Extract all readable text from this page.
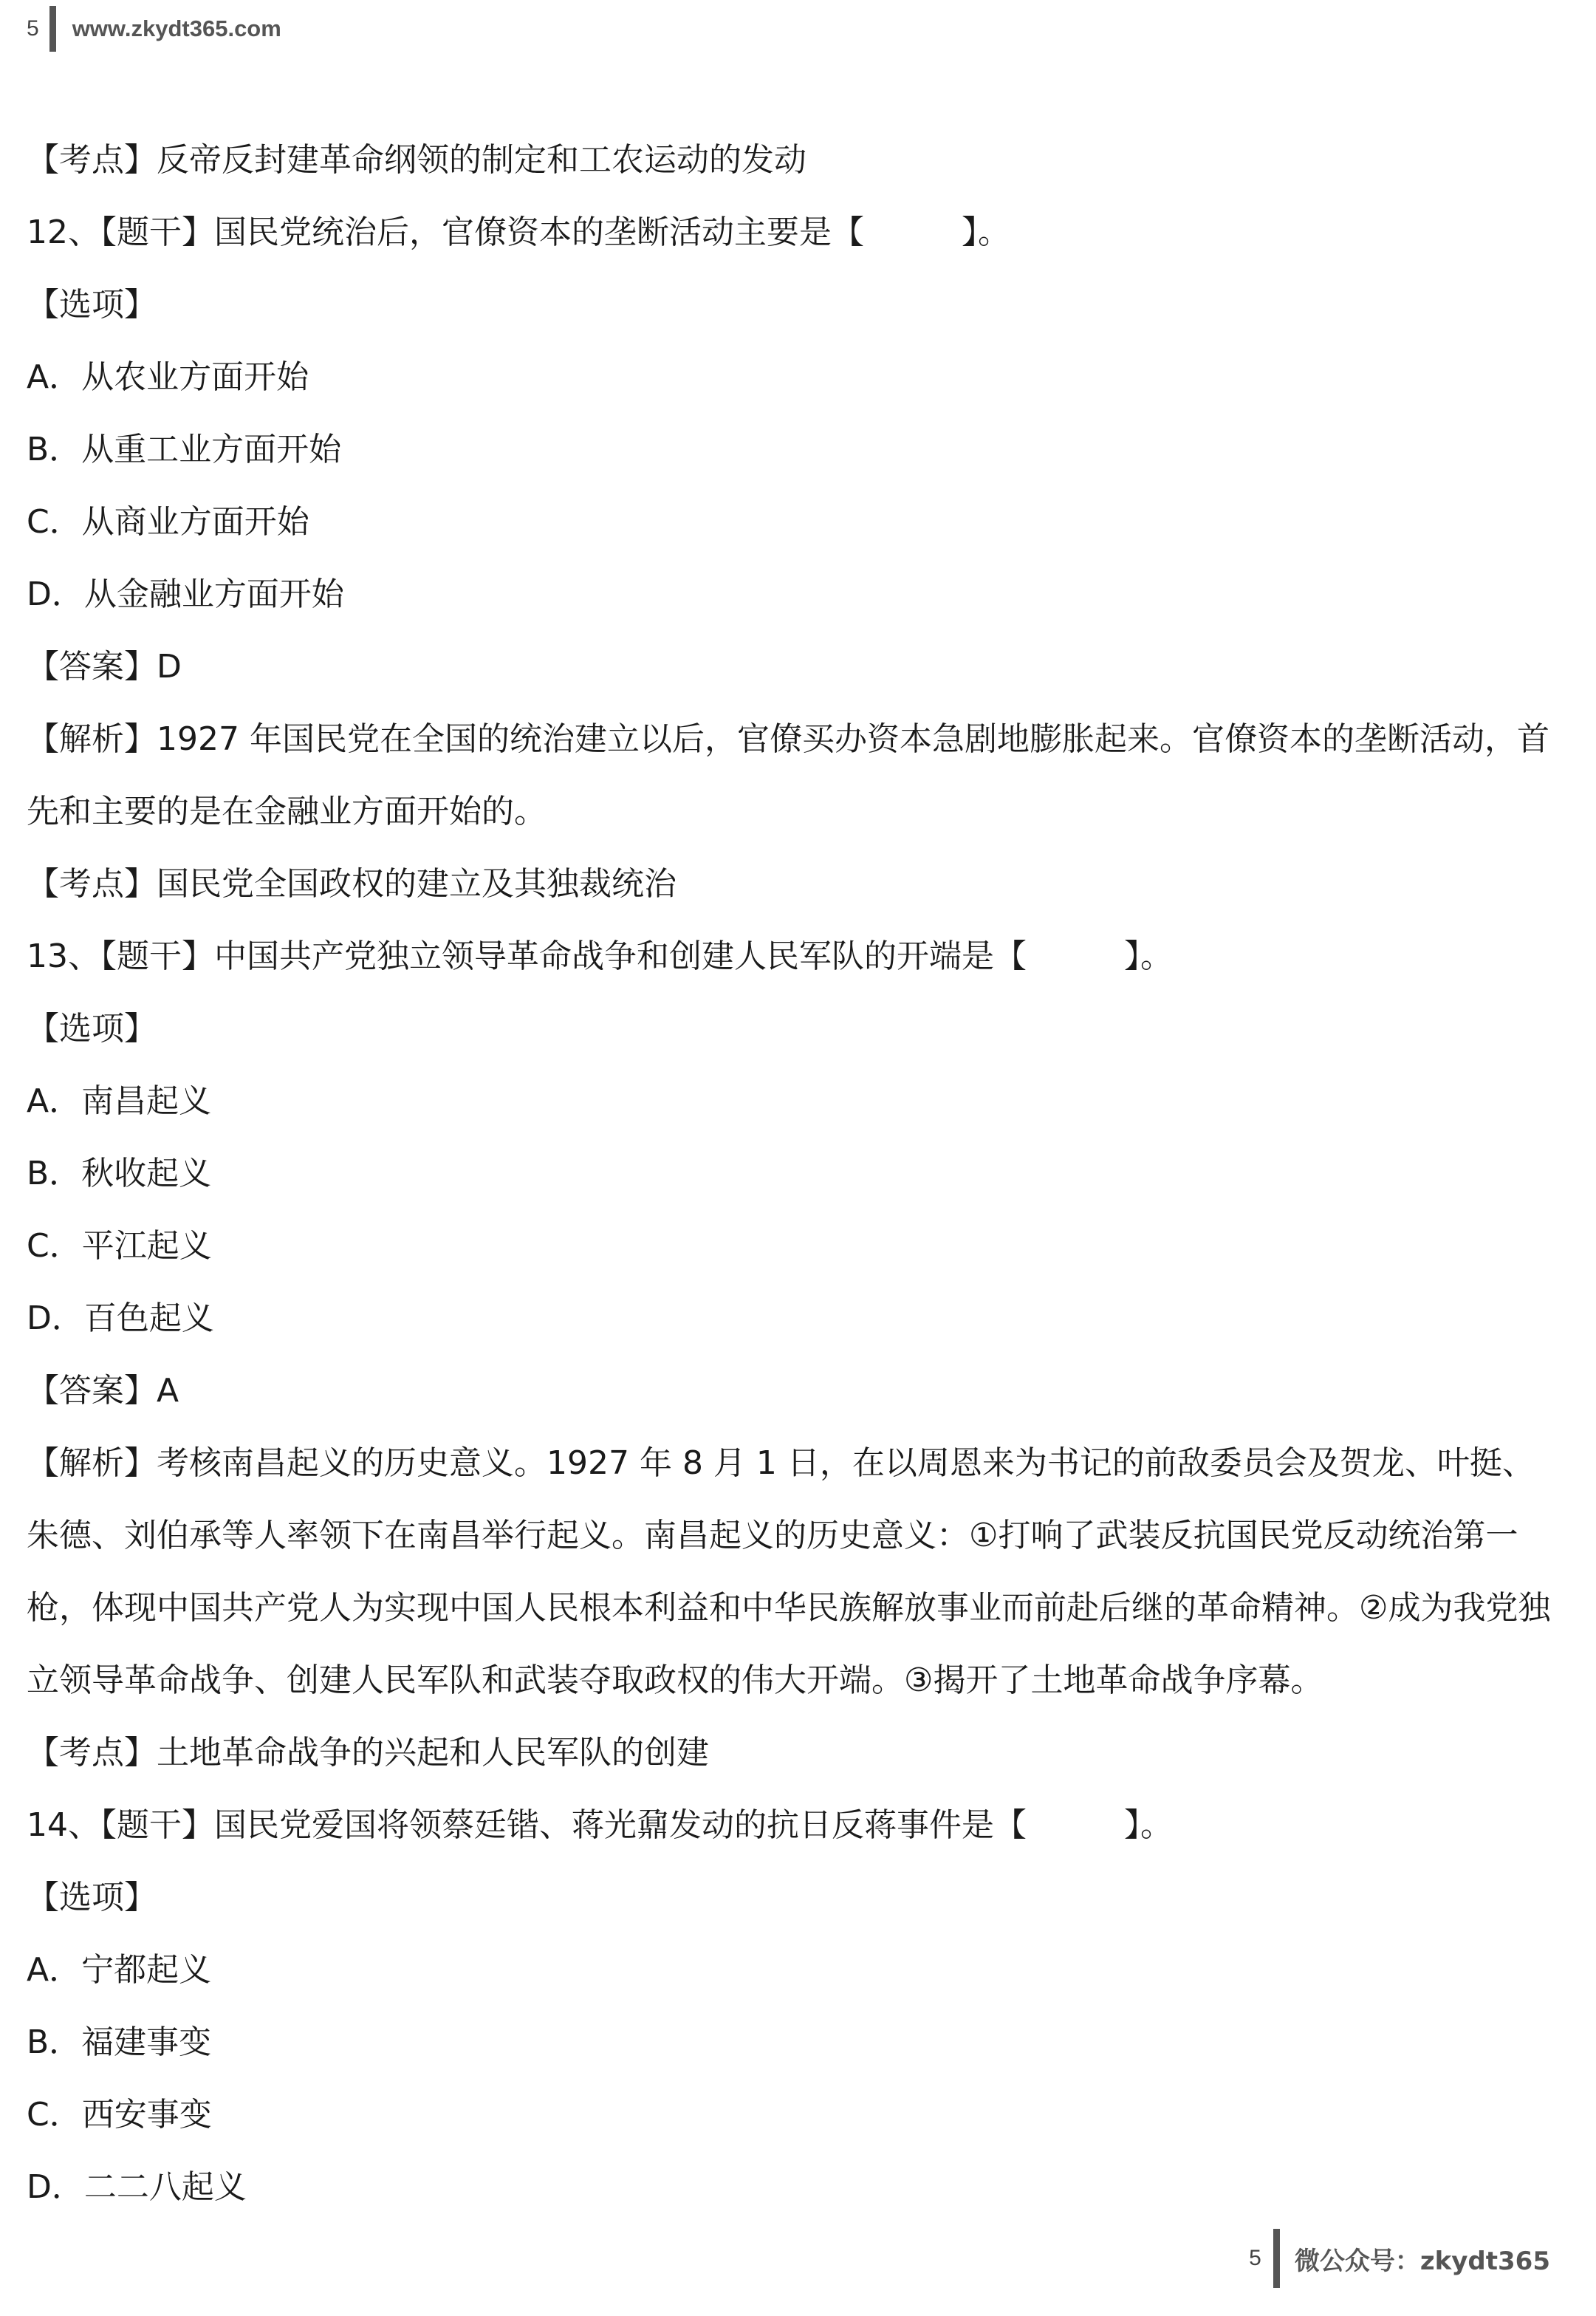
5 www.zkydt365.com
【考点】反帝反封建革命纲领的制定和工农运动的发动
12、【题干】国民党统治后，官僚资本的垄断活动主要是【　　　】。
【选项】
A．从农业方面开始
B．从重工业方面开始
C．从商业方面开始
D．从金融业方面开始
【答案】D
【解析】1927 年国民党在全国的统治建立以后，官僚买办资本急剧地膨胀起来。官僚资本的垄断活动，首先和主要的是在金融业方面开始的。
【考点】国民党全国政权的建立及其独裁统治
13、【题干】中国共产党独立领导革命战争和创建人民军队的开端是【　　　】。
【选项】
A．南昌起义
B．秋收起义
C．平江起义
D．百色起义
【答案】A
【解析】考核南昌起义的历史意义。1927 年 8 月 1 日，在以周恩来为书记的前敌委员会及贺龙、叶挺、朱德、刘伯承等人率领下在南昌举行起义。南昌起义的历史意义：①打响了武装反抗国民党反动统治第一枪，体现中国共产党人为实现中国人民根本利益和中华民族解放事业而前赴后继的革命精神。②成为我党独立领导革命战争、创建人民军队和武装夺取政权的伟大开端。③揭开了土地革命战争序幕。
【考点】土地革命战争的兴起和人民军队的创建
14、【题干】国民党爱国将领蔡廷锴、蒋光鼐发动的抗日反蒋事件是【　　　】。
【选项】
A．宁都起义
B．福建事变
C．西安事变
D．二二八起义
5 微公众号：zkydt365
